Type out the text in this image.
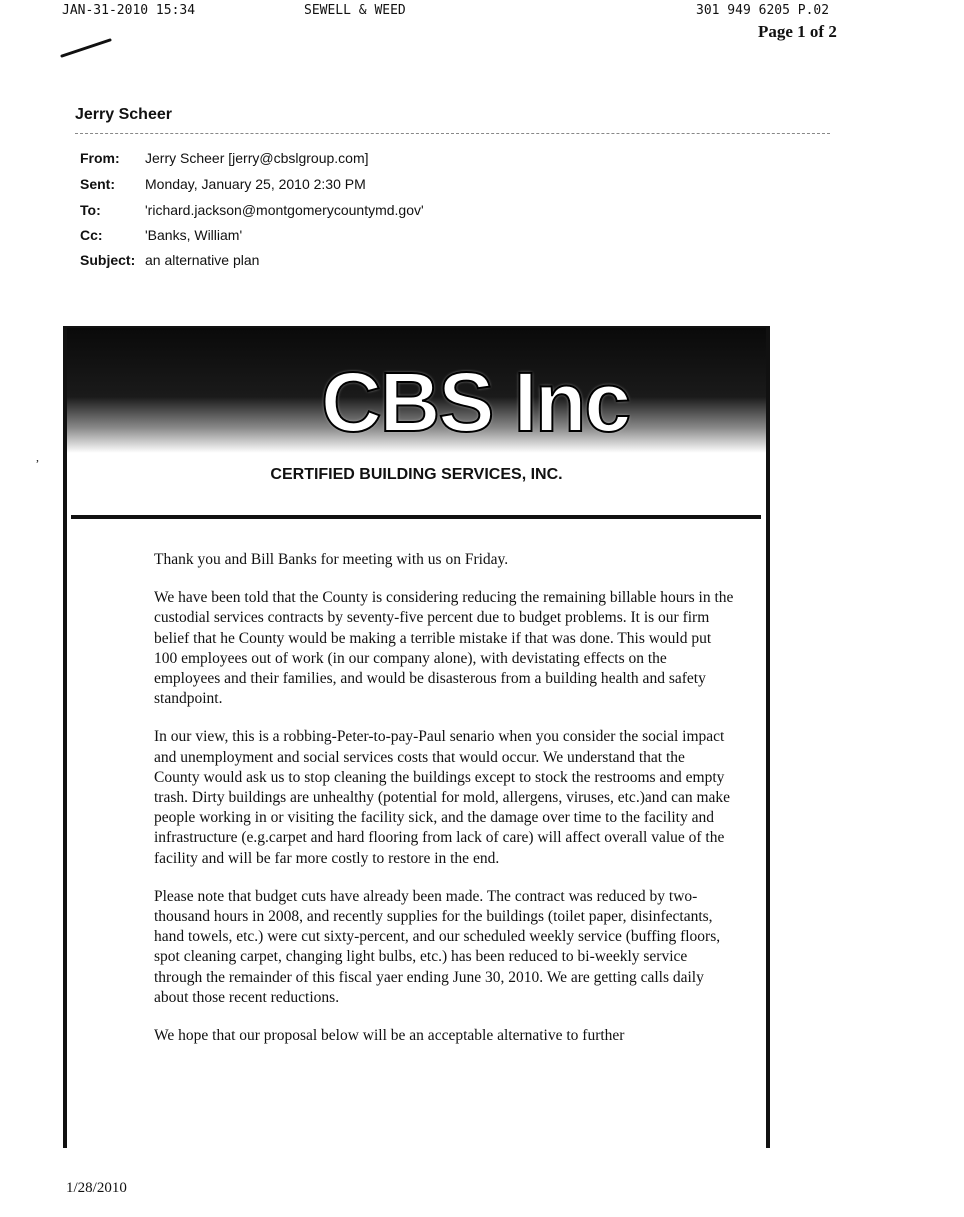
JAN-31-2010 15:34	SEWELL & WEED	301 949 6205 P.02
Page 1 of 2
Jerry Scheer
From: Jerry Scheer [jerry@cbslgroup.com]
Sent: Monday, January 25, 2010 2:30 PM
To:	'richard.jackson@montgomerycountymd.gov'
Cc:	'Banks, William'
Subject: an alternative plan
,
CBS Inc
CERTIFIED BUILDING SERVICES, INC.

Thank you and Bill Banks for meeting with us on Friday.

We have been told that the County is considering reducing the remaining billable hours in the custodial services contracts by seventy-five percent due to budget problems. It is our firm belief that he County would be making a terrible mistake if that was done. This would put 100 employees out of work (in our company alone), with devistating effects on the employees and their families, and would be disasterous from a building health and safety standpoint.

In our view, this is a robbing-Peter-to-pay-Paul senario when you consider the social impact and unemployment and social services costs that would occur. We understand that the County would ask us to stop cleaning the buildings except to stock the restrooms and empty trash. Dirty buildings are unhealthy (potential for mold, allergens, viruses, etc.)and can make people working in or visiting the facility sick, and the damage over time to the facility and infrastructure (e.g.carpet and hard flooring from lack of care) will affect overall value of the facility and will be far more costly to restore in the end.

Please note that budget cuts have already been made. The contract was reduced by two-thousand hours in 2008, and recently supplies for the buildings (toilet paper, disinfectants, hand towels, etc.) were cut sixty-percent, and our scheduled weekly service (buffing floors, spot cleaning carpet, changing light bulbs, etc.) has been reduced to bi-weekly service through the remainder of this fiscal yaer ending June 30, 2010. We are getting calls daily about those recent reductions.

We hope that our proposal below will be an acceptable alternative to further

1/28/2010
